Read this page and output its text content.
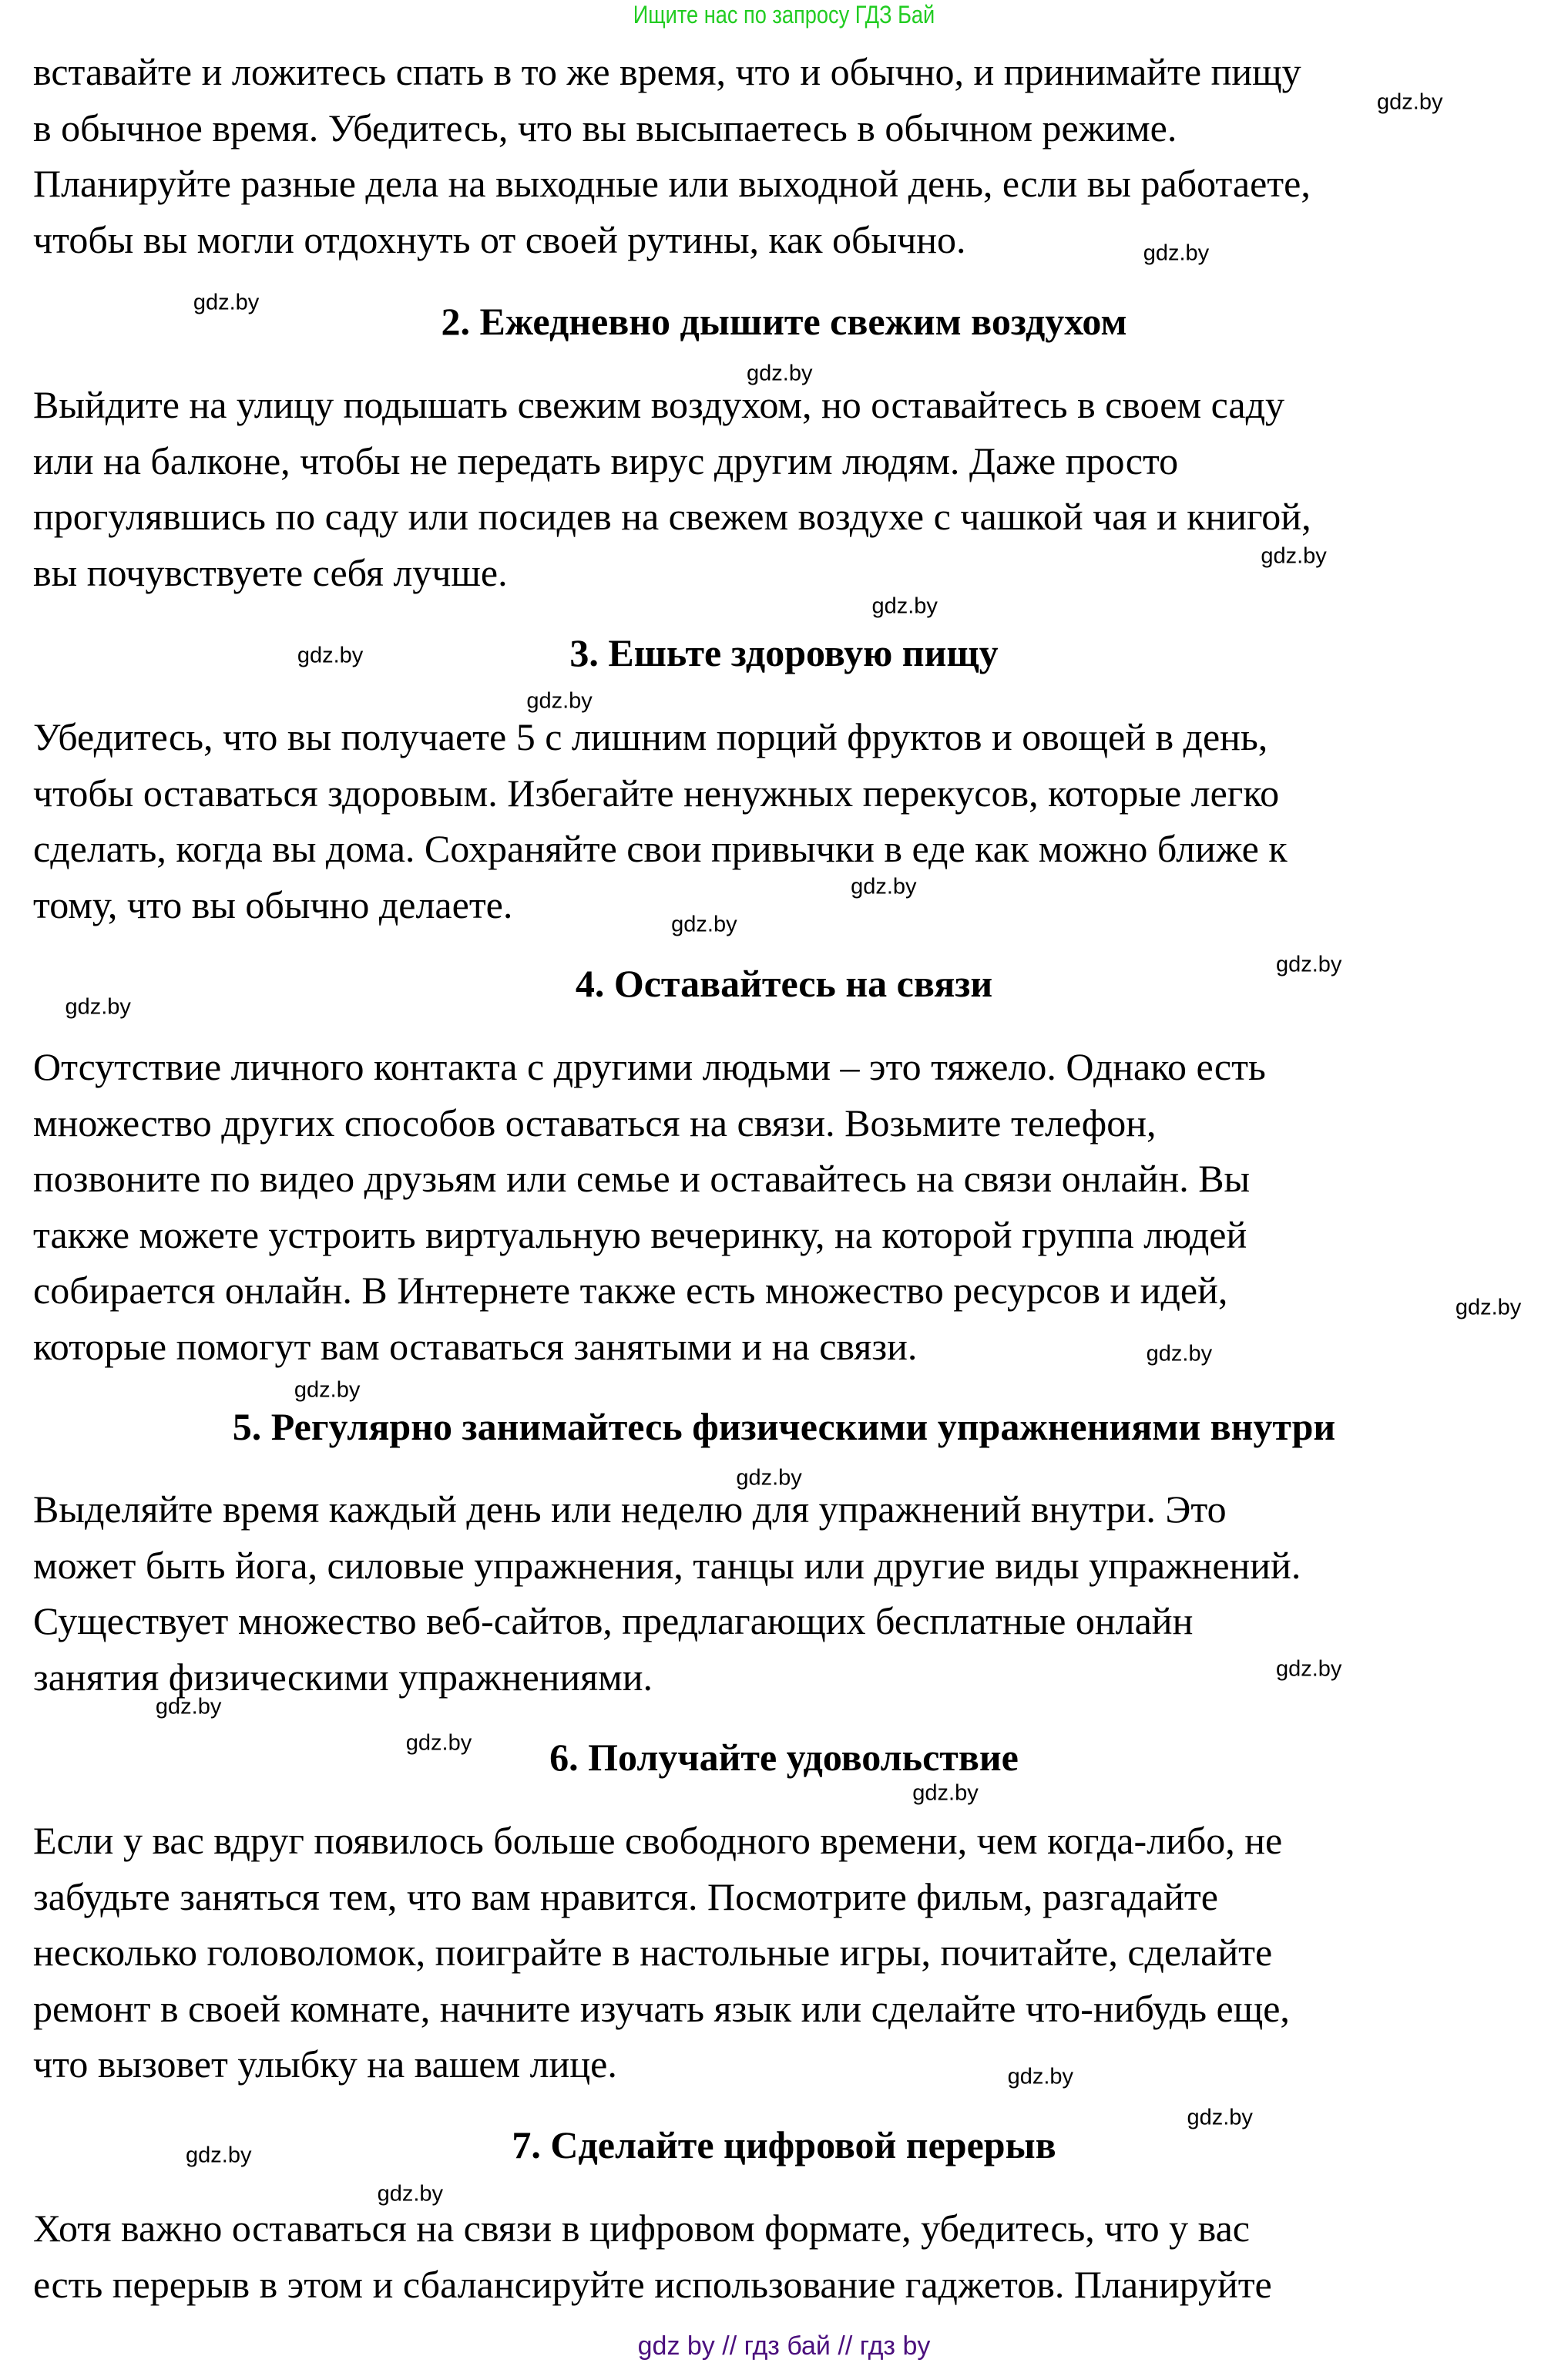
Ищите нас по запросу ГДЗ Бай
вставайте и ложитесь спать в то же время, что и обычно, и принимайте пищу
в обычное время. Убедитесь, что вы высыпаетесь в обычном режиме.
Планируйте разные дела на выходные или выходной день, если вы работаете,
чтобы вы могли отдохнуть от своей рутины, как обычно.
2. Ежедневно дышите свежим воздухом
Выйдите на улицу подышать свежим воздухом, но оставайтесь в своем саду
или на балконе, чтобы не передать вирус другим людям. Даже просто
прогулявшись по саду или посидев на свежем воздухе с чашкой чая и книгой,
вы почувствуете себя лучше.
3. Ешьте здоровую пищу
Убедитесь, что вы получаете 5 с лишним порций фруктов и овощей в день,
чтобы оставаться здоровым. Избегайте ненужных перекусов, которые легко
сделать, когда вы дома. Сохраняйте свои привычки в еде как можно ближе к
тому, что вы обычно делаете.
4. Оставайтесь на связи
Отсутствие личного контакта с другими людьми – это тяжело. Однако есть
множество других способов оставаться на связи. Возьмите телефон,
позвоните по видео друзьям или семье и оставайтесь на связи онлайн. Вы
также можете устроить виртуальную вечеринку, на которой группа людей
собирается онлайн. В Интернете также есть множество ресурсов и идей,
которые помогут вам оставаться занятыми и на связи.
5. Регулярно занимайтесь физическими упражнениями внутри
Выделяйте время каждый день или неделю для упражнений внутри. Это
может быть йога, силовые упражнения, танцы или другие виды упражнений.
Существует множество веб-сайтов, предлагающих бесплатные онлайн
занятия физическими упражнениями.
6. Получайте удовольствие
Если у вас вдруг появилось больше свободного времени, чем когда-либо, не
забудьте заняться тем, что вам нравится. Посмотрите фильм, разгадайте
несколько головоломок, поиграйте в настольные игры, почитайте, сделайте
ремонт в своей комнате, начните изучать язык или сделайте что-нибудь еще,
что вызовет улыбку на вашем лице.
7. Сделайте цифровой перерыв
Хотя важно оставаться на связи в цифровом формате, убедитесь, что у вас
есть перерыв в этом и сбалансируйте использование гаджетов. Планируйте
gdz.by
gdz.by
gdz.by
gdz.by
gdz.by
gdz.by
gdz.by
gdz.by
gdz.by
gdz.by
gdz.by
gdz.by
gdz.by
gdz.by
gdz.by
gdz.by
gdz.by
gdz.by
gdz.by
gdz.by
gdz.by
gdz.by
gdz.by
gdz.by
gdz by // гдз бай // гдз by
